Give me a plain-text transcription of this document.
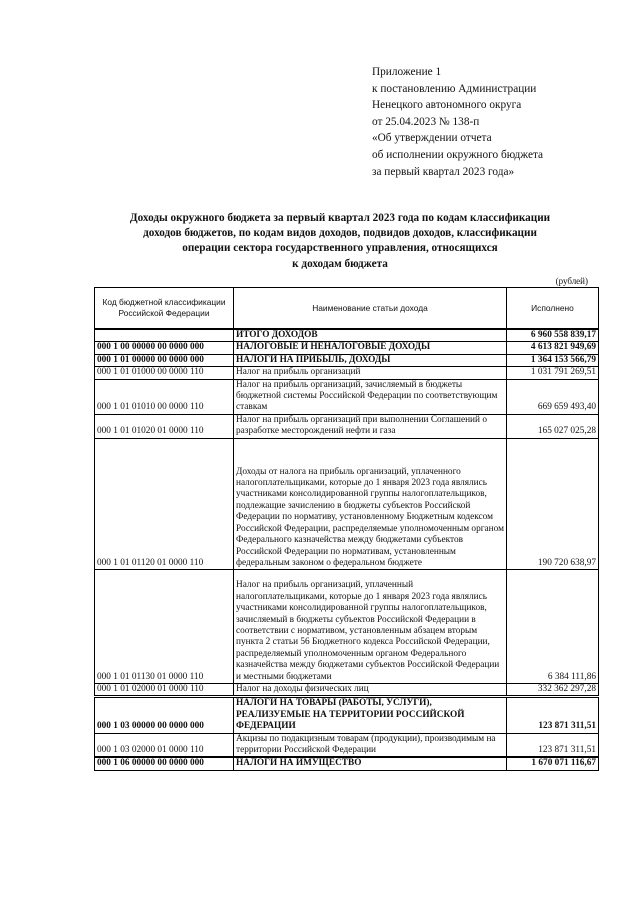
Приложение 1
к постановлению Администрации
Ненецкого автономного округа
от 25.04.2023 № 138-п
«Об утверждении отчета
об исполнении окружного бюджета
за первый квартал 2023 года»
Доходы окружного бюджета за первый квартал 2023 года по кодам классификации
доходов бюджетов, по кодам видов доходов, подвидов доходов, классификации
операции сектора государственного управления, относящихся
к доходам бюджета
(рублей)
Код бюджетной классификации Российской Федерации	Наименование статьи дохода	Исполнено
	ИТОГО ДОХОДОВ	6 960 558 839,17
000 1 00 00000 00 0000 000	НАЛОГОВЫЕ И НЕНАЛОГОВЫЕ ДОХОДЫ	4 613 821 949,69
000 1 01 00000 00 0000 000	НАЛОГИ НА ПРИБЫЛЬ, ДОХОДЫ	1 364 153 566,79
000 1 01 01000 00 0000 110	Налог на прибыль организаций	1 031 791 269,51
000 1 01 01010 00 0000 110	Налог на прибыль организаций, зачисляемый в бюджеты бюджетной системы Российской Федерации по соответствующим ставкам	669 659 493,40
000 1 01 01020 01 0000 110	Налог на прибыль организаций при выполнении Соглашений о разработке месторождений нефти и газа	165 027 025,28
000 1 01 01120 01 0000 110	Доходы от налога на прибыль организаций, уплаченного налогоплательщиками, которые до 1 января 2023 года являлись участниками консолидированной группы налогоплательщиков, подлежащие зачислению в бюджеты субъектов Российской Федерации по нормативу, установленному Бюджетным кодексом Российской Федерации, распределяемые уполномоченным органом Федерального казначейства между бюджетами субъектов Российской Федерации по нормативам, установленным федеральным законом о федеральном бюджете	190 720 638,97
000 1 01 01130 01 0000 110	Налог на прибыль организаций, уплаченный налогоплательщиками, которые до 1 января 2023 года являлись участниками консолидированной группы налогоплательщиков, зачисляемый в бюджеты субъектов Российской Федерации в соответствии с нормативом, установленным абзацем вторым пункта 2 статьи 56 Бюджетного кодекса Российской Федерации, распределяемый уполномоченным органом Федерального казначейства между бюджетами субъектов Российской Федерации и местными бюджетами	6 384 111,86
000 1 01 02000 01 0000 110	Налог на доходы физических лиц	332 362 297,28
000 1 03 00000 00 0000 000	НАЛОГИ НА ТОВАРЫ (РАБОТЫ, УСЛУГИ), РЕАЛИЗУЕМЫЕ НА ТЕРРИТОРИИ РОССИЙСКОЙ ФЕДЕРАЦИИ	123 871 311,51
000 1 03 02000 01 0000 110	Акцизы по подакцизным товарам (продукции), производимым на территории Российской Федерации	123 871 311,51
000 1 06 00000 00 0000 000	НАЛОГИ НА ИМУЩЕСТВО	1 670 071 116,67
